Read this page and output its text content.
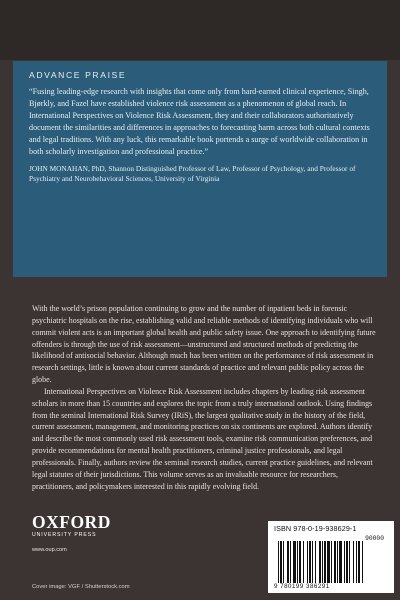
ADVANCE PRAISE

“Fusing leading-edge research with insights that come only from hard-earned clinical experience, Singh, Bjørkly, and Fazel have established violence risk assessment as a phenomenon of global reach. In International Perspectives on Violence Risk Assessment, they and their collaborators authoritatively document the similarities and differences in approaches to forecasting harm across both cultural contexts and legal traditions. With any luck, this remarkable book portends a surge of worldwide collaboration in both scholarly investigation and professional practice.”

JOHN MONAHAN, PhD, Shannon Distinguished Professor of Law, Professor of Psychology, and Professor of Psychiatry and Neurobehavioral Sciences, University of Virginia

With the world’s prison population continuing to grow and the number of inpatient beds in forensic psychiatric hospitals on the rise, establishing valid and reliable methods of identifying individuals who will commit violent acts is an important global health and public safety issue. One approach to identifying future offenders is through the use of risk assessment—unstructured and structured methods of predicting the likelihood of antisocial behavior. Although much has been written on the performance of risk assessment in research settings, little is known about current standards of practice and relevant public policy across the globe.

International Perspectives on Violence Risk Assessment includes chapters by leading risk assessment scholars in more than 15 countries and explores the topic from a truly international outlook. Using findings from the seminal International Risk Survey (IRiS), the largest qualitative study in the history of the field, current assessment, management, and monitoring practices on six continents are explored. Authors identify and describe the most commonly used risk assessment tools, examine risk communication preferences, and provide recommendations for mental health practitioners, criminal justice professionals, and legal professionals. Finally, authors review the seminal research studies, current practice guidelines, and relevant legal statutes of their jurisdictions. This volume serves as an invaluable resource for researchers, practitioners, and policymakers interested in this rapidly evolving field.

OXFORD
UNIVERSITY PRESS
www.oup.com
Cover image: VGF / Shutterstock.com
ISBN 978-0-19-938629-1
90000
9 780199 386291
